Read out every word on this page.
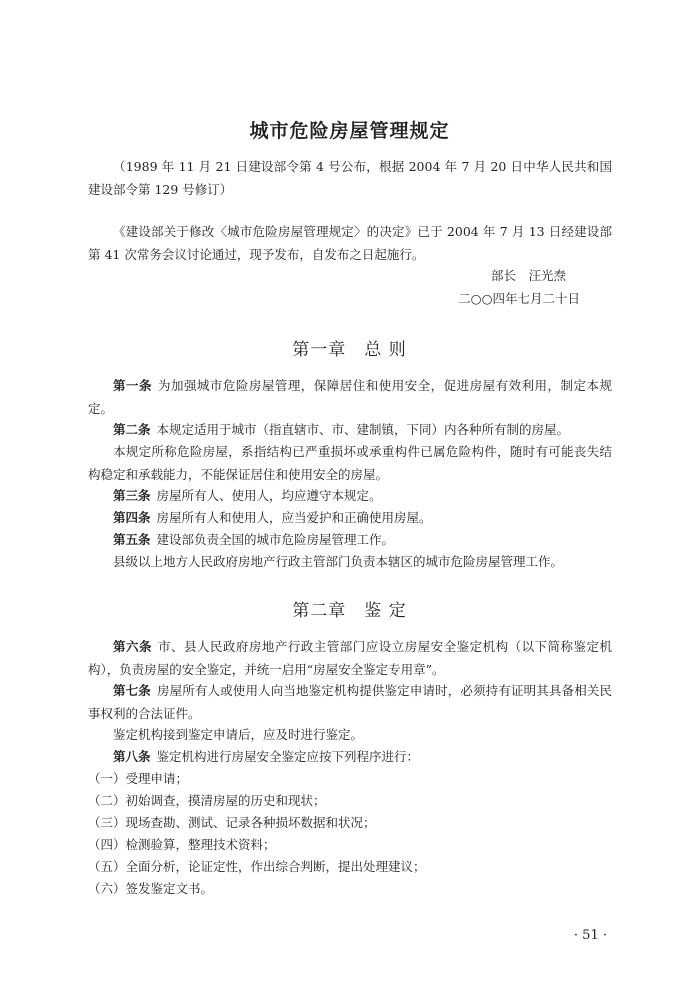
城市危险房屋管理规定
（1989 年 11 月 21 日建设部令第 4 号公布，根据 2004 年 7 月 20 日中华人民共和国建设部令第 129 号修订）
《建设部关于修改〈城市危险房屋管理规定〉的决定》已于 2004 年 7 月 13 日经建设部第 41 次常务会议讨论通过，现予发布，自发布之日起施行。
部长　汪光焘
二○○四年七月二十日
第一章　总 则
第一条 为加强城市危险房屋管理，保障居住和使用安全，促进房屋有效利用，制定本规定。
第二条 本规定适用于城市（指直辖市、市、建制镇，下同）内各种所有制的房屋。
本规定所称危险房屋，系指结构已严重损坏或承重构件已属危险构件，随时有可能丧失结构稳定和承载能力，不能保证居住和使用安全的房屋。
第三条 房屋所有人、使用人，均应遵守本规定。
第四条 房屋所有人和使用人，应当爱护和正确使用房屋。
第五条 建设部负责全国的城市危险房屋管理工作。
县级以上地方人民政府房地产行政主管部门负责本辖区的城市危险房屋管理工作。
第二章　鉴 定
第六条 市、县人民政府房地产行政主管部门应设立房屋安全鉴定机构（以下简称鉴定机构），负责房屋的安全鉴定，并统一启用“房屋安全鉴定专用章”。
第七条 房屋所有人或使用人向当地鉴定机构提供鉴定申请时，必须持有证明其具备相关民事权利的合法证件。
鉴定机构接到鉴定申请后，应及时进行鉴定。
第八条 鉴定机构进行房屋安全鉴定应按下列程序进行：
（一）受理申请；
（二）初始调查，摸清房屋的历史和现状；
（三）现场查勘、测试、记录各种损坏数据和状况；
（四）检测验算，整理技术资料；
（五）全面分析，论证定性，作出综合判断，提出处理建议；
（六）签发鉴定文书。
· 51 ·
